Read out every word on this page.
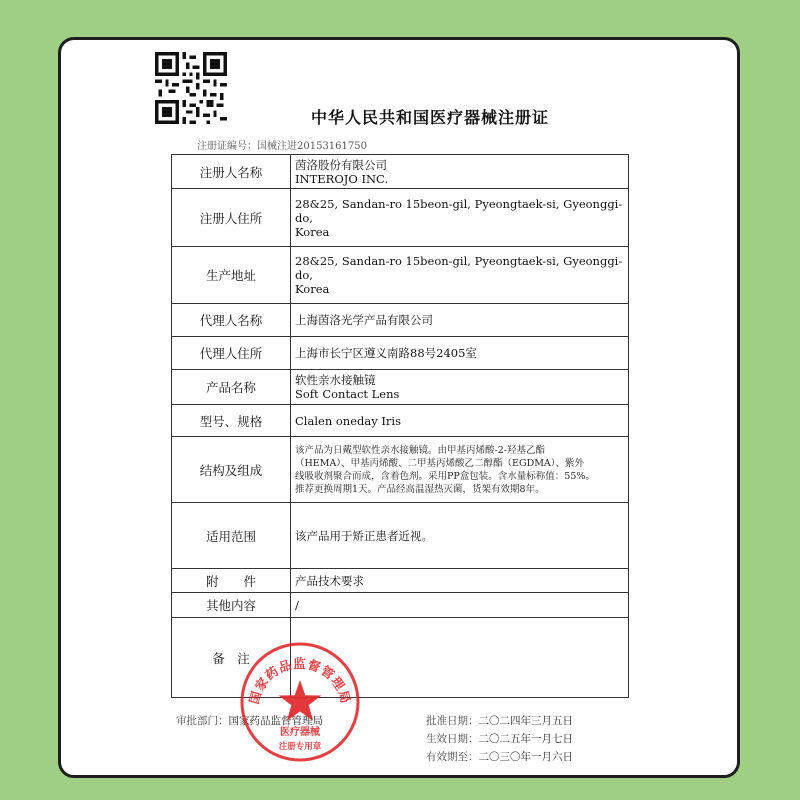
中华人民共和国医疗器械注册证
注册证编号：国械注进20153161750
注册人名称	茵洛股份有限公司
INTEROJO INC.

注册人住所	28&25, Sandan-ro 15beon-gil, Pyeongtaek-si, Gyeonggi-do,
Korea

生产地址	28&25, Sandan-ro 15beon-gil, Pyeongtaek-si, Gyeonggi-do,
Korea

代理人名称	上海茵洛光学产品有限公司

代理人住所	上海市长宁区遵义南路88号2405室

产品名称	软性亲水接触镜
Soft Contact Lens

型号、规格	Clalen oneday Iris

结构及组成	该产品为日戴型软性亲水接触镜。由甲基丙烯酸-2-羟基乙酯
（HEMA）、甲基丙烯酸、二甲基丙烯酸乙二醇酯（EGDMA）、紫外
线吸收剂聚合而成，含着色剂。采用PP盒包装。含水量标称值：55%。
推荐更换周期1天。产品经高温湿热灭菌，货架有效期8年。

适用范围	该产品用于矫正患者近视。

附　　件	产品技术要求

其他内容	/

备　注	
审批部门：国家药品监督管理局	批准日期：二〇二四年三月五日
生效日期：二〇二五年一月七日
有效期至：二〇三〇年一月六日
国家药品监督管理局
医疗器械
注册专用章
